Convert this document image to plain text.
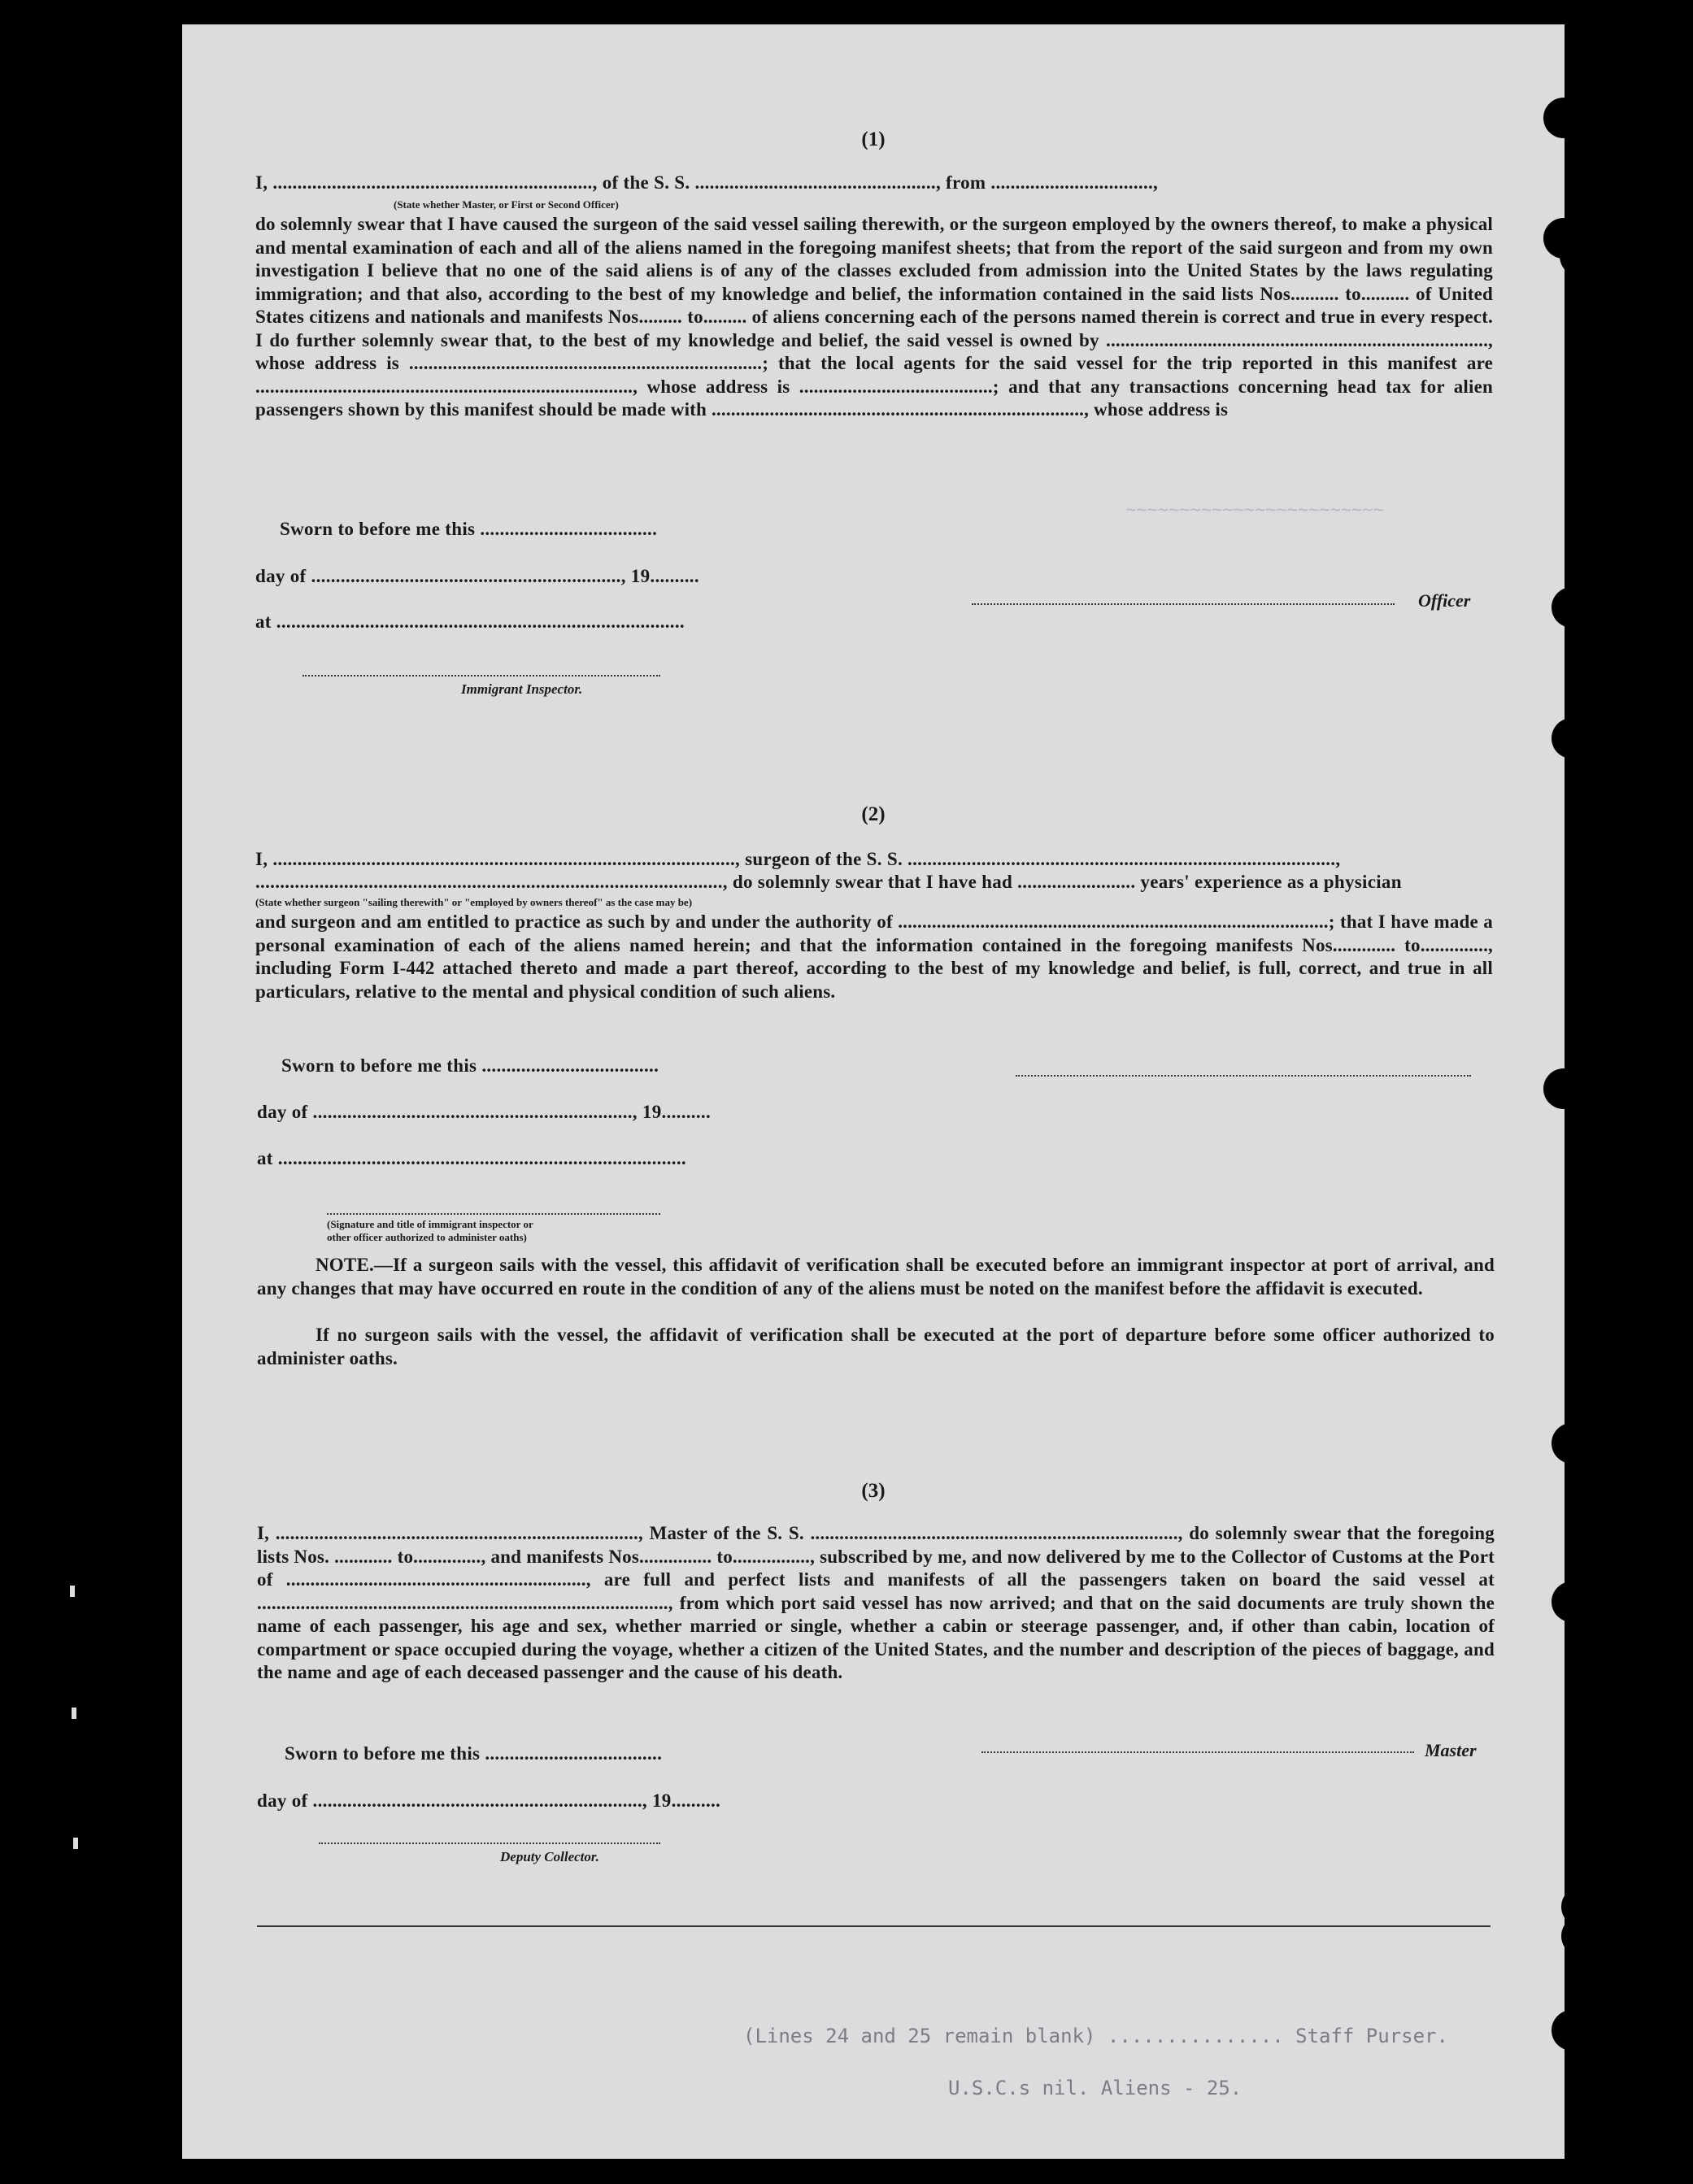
~~~~~~~~~~~~~~~~~~~~~~~~
(1)
I, ................................................................., of the S. S. ................................................., from .................................,
(State whether Master, or First or Second Officer)
do solemnly swear that I have caused the surgeon of the said vessel sailing therewith, or the surgeon employed by the owners thereof, to make a physical and mental examination of each and all of the aliens named in the foregoing manifest sheets; that from the report of the said surgeon and from my own investigation I believe that no one of the said aliens is of any of the classes excluded from admission into the United States by the laws regulating immigration; and that also, according to the best of my knowledge and belief, the information contained in the said lists Nos.......... to.......... of United States citizens and nationals and manifests Nos......... to......... of aliens concerning each of the persons named therein is correct and true in every respect. I do further solemnly swear that, to the best of my knowledge and belief, the said vessel is owned by ..............................................................................., whose address is .........................................................................; that the local agents for the said vessel for the trip reported in this manifest are .............................................................................., whose address is ........................................; and that any transactions concerning head tax for alien passengers shown by this manifest should be made with ............................................................................., whose address is
Sworn to before me this ....................................
day of ..............................................................., 19..........
at ...................................................................................
Immigrant Inspector.
Officer
(2)
I, .............................................................................................., surgeon of the S. S. .......................................................................................,
..............................................................................................., do solemnly swear that I have had ........................ years' experience as a physician
(State whether surgeon "sailing therewith" or "employed by owners thereof" as the case may be)
and surgeon and am entitled to practice as such by and under the authority of .........................................................................................; that I have made a personal examination of each of the aliens named herein; and that the information contained in the foregoing manifests Nos............. to.............., including Form I-442 attached thereto and made a part thereof, according to the best of my knowledge and belief, is full, correct, and true in all particulars, relative to the mental and physical condition of such aliens.
Sworn to before me this ....................................
day of ................................................................., 19..........
at ...................................................................................
(Signature and title of immigrant inspector or
other officer authorized to administer oaths)
NOTE.—If a surgeon sails with the vessel, this affidavit of verification shall be executed before an immigrant inspector at port of arrival, and any changes that may have occurred en route in the condition of any of the aliens must be noted on the manifest before the affidavit is executed.
If no surgeon sails with the vessel, the affidavit of verification shall be executed at the port of departure before some officer authorized to administer oaths.
(3)
I, ..........................................................................., Master of the S. S. ............................................................................, do solemnly swear that the foregoing lists Nos. ............ to.............., and manifests Nos............... to................, subscribed by me, and now delivered by me to the Collector of Customs at the Port of .............................................................., are full and perfect lists and manifests of all the passengers taken on board the said vessel at ....................................................................................., from which port said vessel has now arrived; and that on the said documents are truly shown the name of each passenger, his age and sex, whether married or single, whether a cabin or steerage passenger, and, if other than cabin, location of compartment or space occupied during the voyage, whether a citizen of the United States, and the number and description of the pieces of baggage, and the name and age of each deceased passenger and the cause of his death.
Sworn to before me this ....................................
day of ..................................................................., 19..........
Master
Deputy Collector.
(Lines 24 and 25 remain blank) ............... Staff Purser.
U.S.C.s nil. Aliens - 25.
